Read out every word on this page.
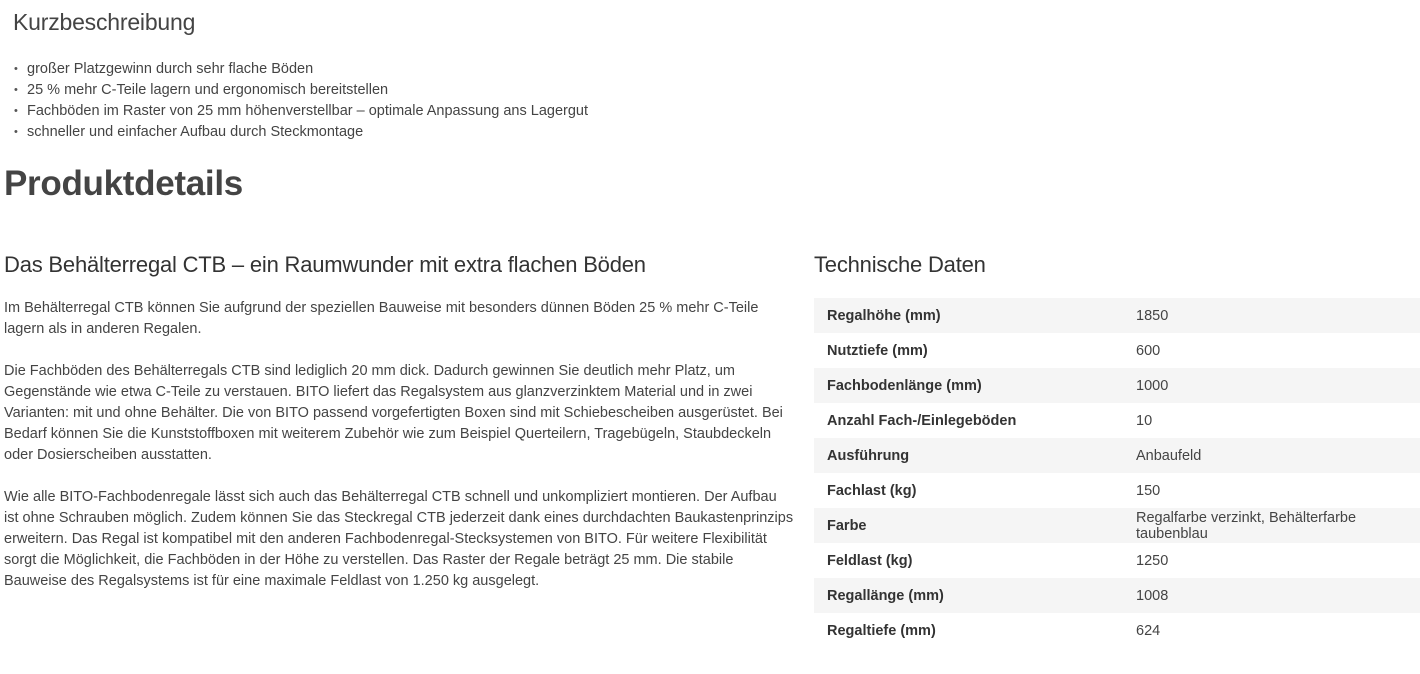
Kurzbeschreibung
• großer Platzgewinn durch sehr flache Böden
• 25 % mehr C-Teile lagern und ergonomisch bereitstellen
• Fachböden im Raster von 25 mm höhenverstellbar – optimale Anpassung ans Lagergut
• schneller und einfacher Aufbau durch Steckmontage
Produktdetails
Das Behälterregal CTB – ein Raumwunder mit extra flachen Böden

Im Behälterregal CTB können Sie aufgrund der speziellen Bauweise mit besonders dünnen Böden 25 % mehr C-Teile lagern als in anderen Regalen.

Die Fachböden des Behälterregals CTB sind lediglich 20 mm dick. Dadurch gewinnen Sie deutlich mehr Platz, um Gegenstände wie etwa C-Teile zu verstauen. BITO liefert das Regalsystem aus glanzverzinktem Material und in zwei Varianten: mit und ohne Behälter. Die von BITO passend vorgefertigten Boxen sind mit Schiebescheiben ausgerüstet. Bei Bedarf können Sie die Kunststoffboxen mit weiterem Zubehör wie zum Beispiel Querteilern, Tragebügeln, Staubdeckeln oder Dosierscheiben ausstatten.

Wie alle BITO-Fachbodenregale lässt sich auch das Behälterregal CTB schnell und unkompliziert montieren. Der Aufbau ist ohne Schrauben möglich. Zudem können Sie das Steckregal CTB jederzeit dank eines durchdachten Baukastenprinzips erweitern. Das Regal ist kompatibel mit den anderen Fachbodenregal-Stecksystemen von BITO. Für weitere Flexibilität sorgt die Möglichkeit, die Fachböden in der Höhe zu verstellen. Das Raster der Regale beträgt 25 mm. Die stabile Bauweise des Regalsystems ist für eine maximale Feldlast von 1.250 kg ausgelegt.

Technische Daten
Regalhöhe (mm)	1850
Nutztiefe (mm)	600
Fachbodenlänge (mm)	1000
Anzahl Fach-/Einlegeböden	10
Ausführung	Anbaufeld
Fachlast (kg)	150
Farbe	Regalfarbe verzinkt, Behälterfarbe taubenblau
Feldlast (kg)	1250
Regallänge (mm)	1008
Regaltiefe (mm)	624
